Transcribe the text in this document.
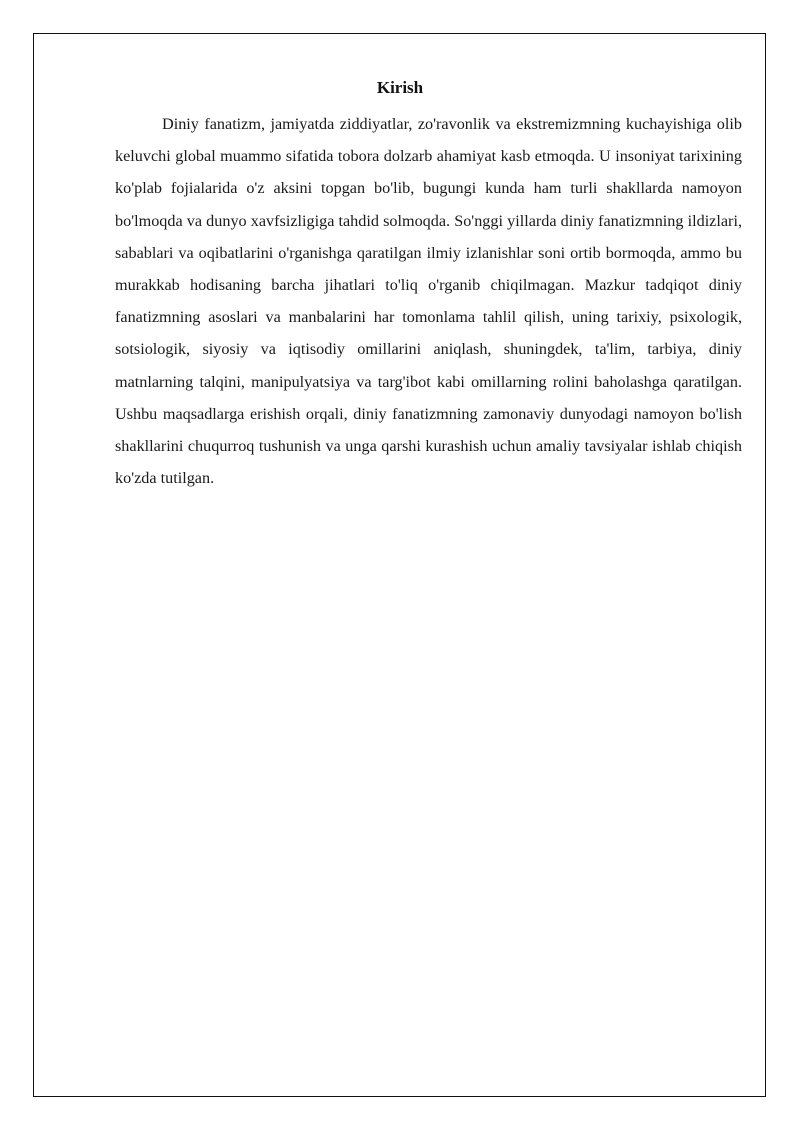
Kirish

Diniy fanatizm, jamiyatda ziddiyatlar, zo'ravonlik va ekstremizmning kuchayishiga olib keluvchi global muammo sifatida tobora dolzarb ahamiyat kasb etmoqda. U insoniyat tarixining ko'plab fojialarida o'z aksini topgan bo'lib, bugungi kunda ham turli shakllarda namoyon bo'lmoqda va dunyo xavfsizligiga tahdid solmoqda. So'nggi yillarda diniy fanatizmning ildizlari, sabablari va oqibatlarini o'rganishga qaratilgan ilmiy izlanishlar soni ortib bormoqda, ammo bu murakkab hodisaning barcha jihatlari to'liq o'rganib chiqilmagan. Mazkur tadqiqot diniy fanatizmning asoslari va manbalarini har tomonlama tahlil qilish, uning tarixiy, psixologik, sotsiologik, siyosiy va iqtisodiy omillarini aniqlash, shuningdek, ta'lim, tarbiya, diniy matnlarning talqini, manipulyatsiya va targ'ibot kabi omillarning rolini baholashga qaratilgan. Ushbu maqsadlarga erishish orqali, diniy fanatizmning zamonaviy dunyodagi namoyon bo'lish shakllarini chuqurroq tushunish va unga qarshi kurashish uchun amaliy tavsiyalar ishlab chiqish ko'zda tutilgan.
